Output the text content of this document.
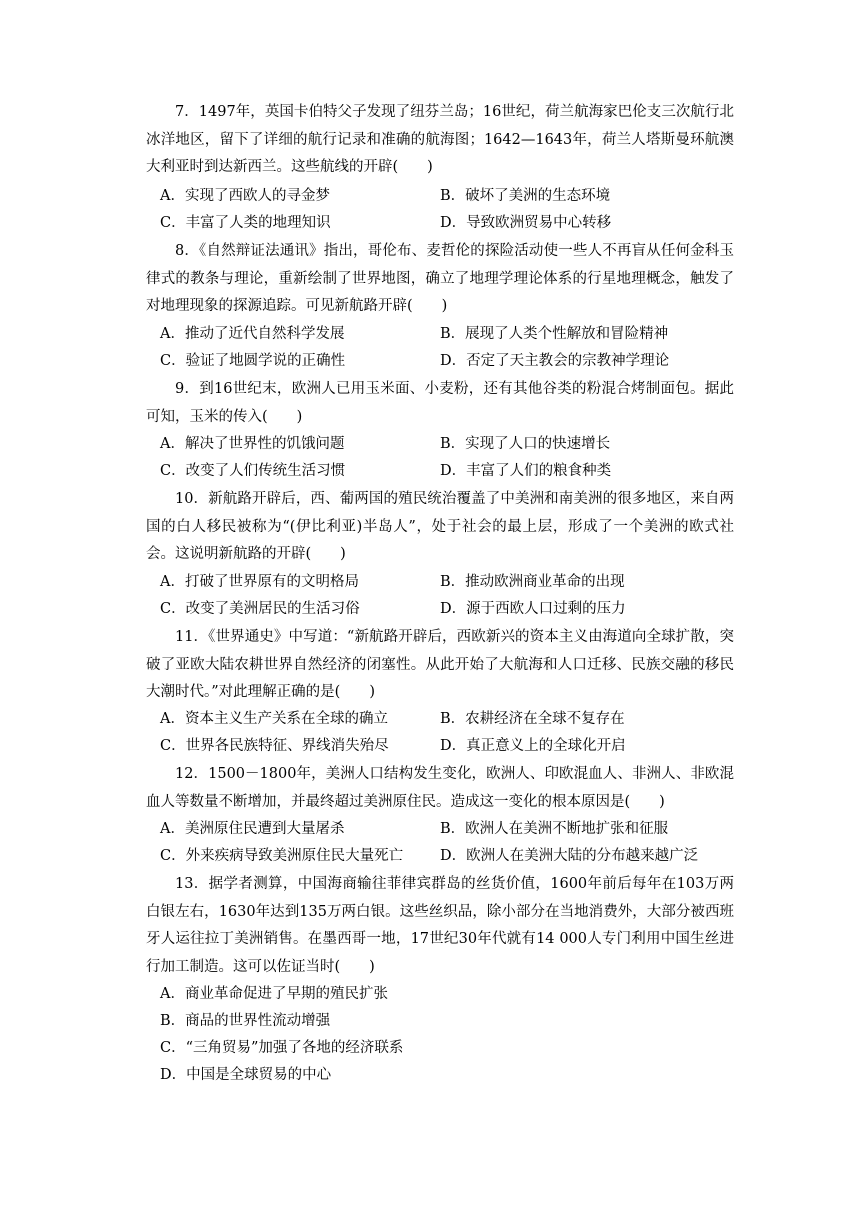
7．1497年，英国卡伯特父子发现了纽芬兰岛；16世纪，荷兰航海家巴伦支三次航行北冰洋地区，留下了详细的航行记录和准确的航海图；1642—1643年，荷兰人塔斯曼环航澳大利亚时到达新西兰。这些航线的开辟(　　)

A．实现了西欧人的寻金梦	B．破坏了美洲的生态环境
C．丰富了人类的地理知识	D．导致欧洲贸易中心转移

8．《自然辩证法通讯》指出，哥伦布、麦哲伦的探险活动使一些人不再盲从任何金科玉律式的教条与理论，重新绘制了世界地图，确立了地理学理论体系的行星地理概念，触发了对地理现象的探源追踪。可见新航路开辟(　　)

A．推动了近代自然科学发展	B．展现了人类个性解放和冒险精神
C．验证了地圆学说的正确性	D．否定了天主教会的宗教神学理论

9．到16世纪末，欧洲人已用玉米面、小麦粉，还有其他谷类的粉混合烤制面包。据此可知，玉米的传入(　　)

A．解决了世界性的饥饿问题	B．实现了人口的快速增长
C．改变了人们传统生活习惯	D．丰富了人们的粮食种类

10．新航路开辟后，西、葡两国的殖民统治覆盖了中美洲和南美洲的很多地区，来自两国的白人移民被称为“(伊比利亚)半岛人”，处于社会的最上层，形成了一个美洲的欧式社会。这说明新航路的开辟(　　)

A．打破了世界原有的文明格局	B．推动欧洲商业革命的出现
C．改变了美洲居民的生活习俗	D．源于西欧人口过剩的压力

11．《世界通史》中写道：“新航路开辟后，西欧新兴的资本主义由海道向全球扩散，突破了亚欧大陆农耕世界自然经济的闭塞性。从此开始了大航海和人口迁移、民族交融的移民大潮时代。”对此理解正确的是(　　)

A．资本主义生产关系在全球的确立	B．农耕经济在全球不复存在
C．世界各民族特征、界线消失殆尽	D．真正意义上的全球化开启

12．1500－1800年，美洲人口结构发生变化，欧洲人、印欧混血人、非洲人、非欧混血人等数量不断增加，并最终超过美洲原住民。造成这一变化的根本原因是(　　)

A．美洲原住民遭到大量屠杀	B．欧洲人在美洲不断地扩张和征服
C．外来疾病导致美洲原住民大量死亡	D．欧洲人在美洲大陆的分布越来越广泛

13．据学者测算，中国海商输往菲律宾群岛的丝货价值，1600年前后每年在103万两白银左右，1630年达到135万两白银。这些丝织品，除小部分在当地消费外，大部分被西班牙人运往拉丁美洲销售。在墨西哥一地，17世纪30年代就有14 000人专门利用中国生丝进行加工制造。这可以佐证当时(　　)

A．商业革命促进了早期的殖民扩张
B．商品的世界性流动增强
C．“三角贸易”加强了各地的经济联系
D．中国是全球贸易的中心
